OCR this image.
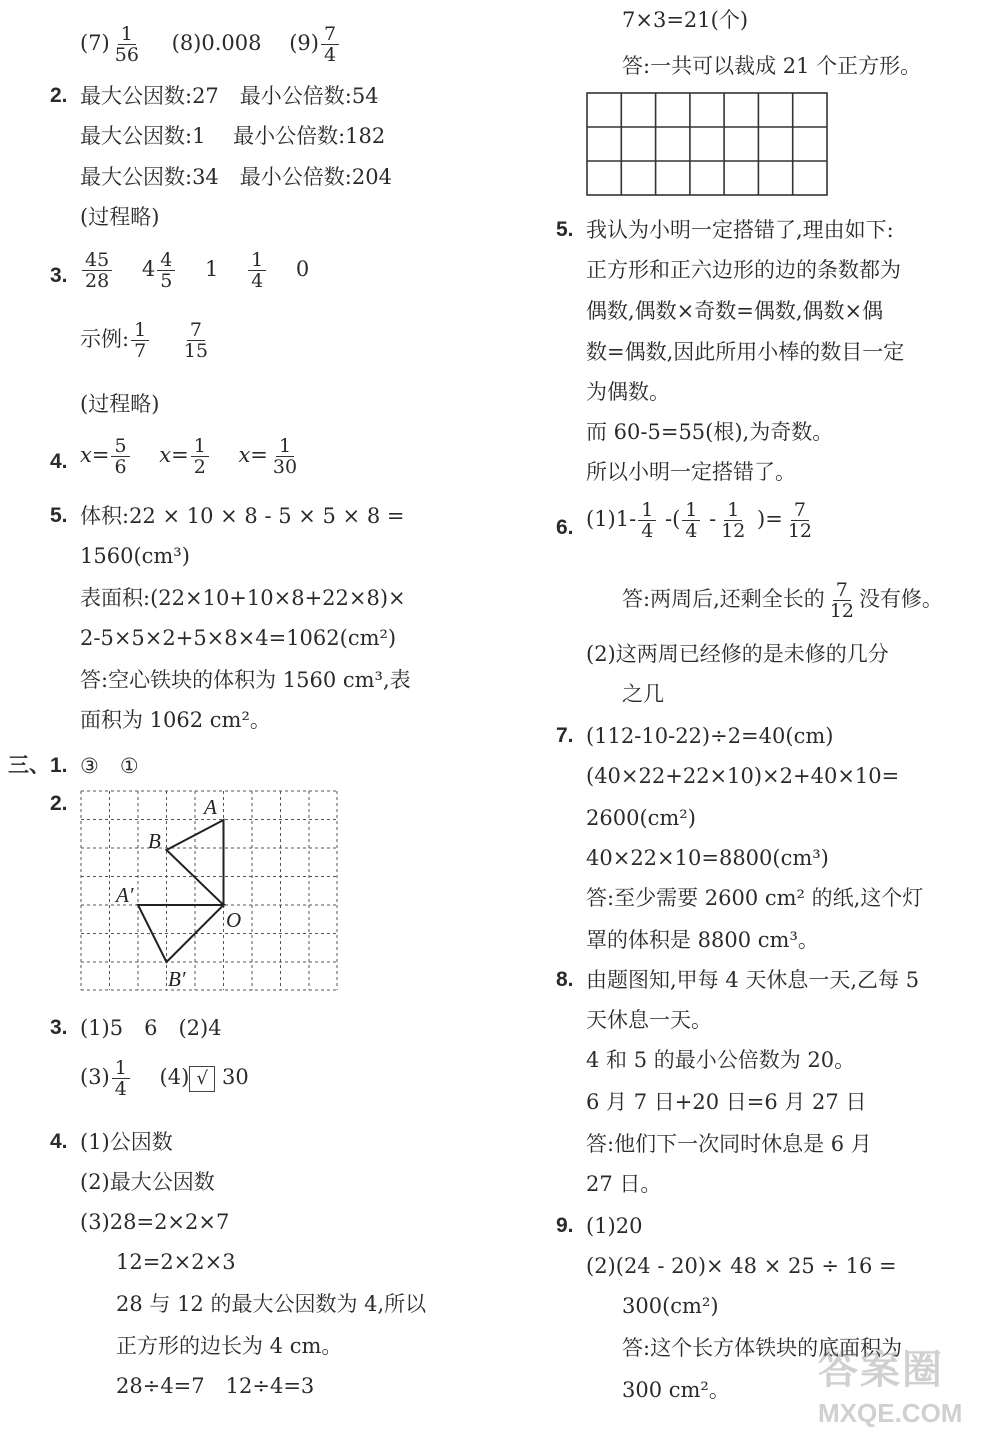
$(7) \frac{1}{56}$
　 (8)0.008　 $(9) \frac{7}{4}$
2. 最大公因数:27　最小公倍数:54
最大公因数:1　 最小公倍数:182
最大公因数:34　最小公倍数:204
(过程略)
3. $\frac{45}{28}$
　 $4 \frac{4}{5}$
　 1　 $\frac{1}{4}$
　 0
示例: $\frac{1}{7}$
　 $\frac{7}{15}$
(过程略)
4. $x= \frac{5}{6}$
　 $x= \frac{1}{2}$
　 $x= \frac{1}{30}$
5. 体积:22 × 10 × 8 - 5 × 5 × 8 =
1560(cm³)
表面积:(22×10+10×8+22×8)×
2-5×5×2+5×8×4=1062(cm²)
答:空心铁块的体积为 1560 cm³,表
面积为 1062 cm²。
三、1. ③　①
2.	A
B
A′
O
B′
3. (1)5　6　(2)4
$(3) \frac{1}{4}$
　 (4) √ 30
4. (1)公因数
(2)最大公因数
(3)28=2×2×7
12=2×2×3
28 与 12 的最大公因数为 4,所以
正方形的边长为 4 cm。
28÷4=7　12÷4=3
7×3=21(个)
答:一共可以裁成 21 个正方形。
5. 我认为小明一定搭错了,理由如下:
正方形和正六边形的边的条数都为
偶数,偶数×奇数=偶数,偶数×偶
数=偶数,因此所用小棒的数目一定
为偶数。
而 60-5=55(根),为奇数。
所以小明一定搭错了。
6. $(1)1- \frac{1}{4}$ -( $\frac{1}{4} - \frac{1}{12}$ )= $\frac{7}{12}$
答:两周后,还剩全长的 $\frac{7}{12}$ 没有修。
(2)这两周已经修的是未修的几分
之几
7. (112-10-22)÷2=40(cm)
(40×22+22×10)×2+40×10=
2600(cm²)
40×22×10=8800(cm³)
答:至少需要 2600 cm² 的纸,这个灯
罩的体积是 8800 cm³。
8. 由题图知,甲每 4 天休息一天,乙每 5
天休息一天。
4 和 5 的最小公倍数为 20。
6 月 7 日+20 日=6 月 27 日
答:他们下一次同时休息是 6 月
27 日。
9. (1)20
(2)(24 - 20)× 48 × 25 ÷ 16 =
300(cm²)
答:这个长方体铁块的底面积为
300 cm²。 答案圈
MXQE.COM
